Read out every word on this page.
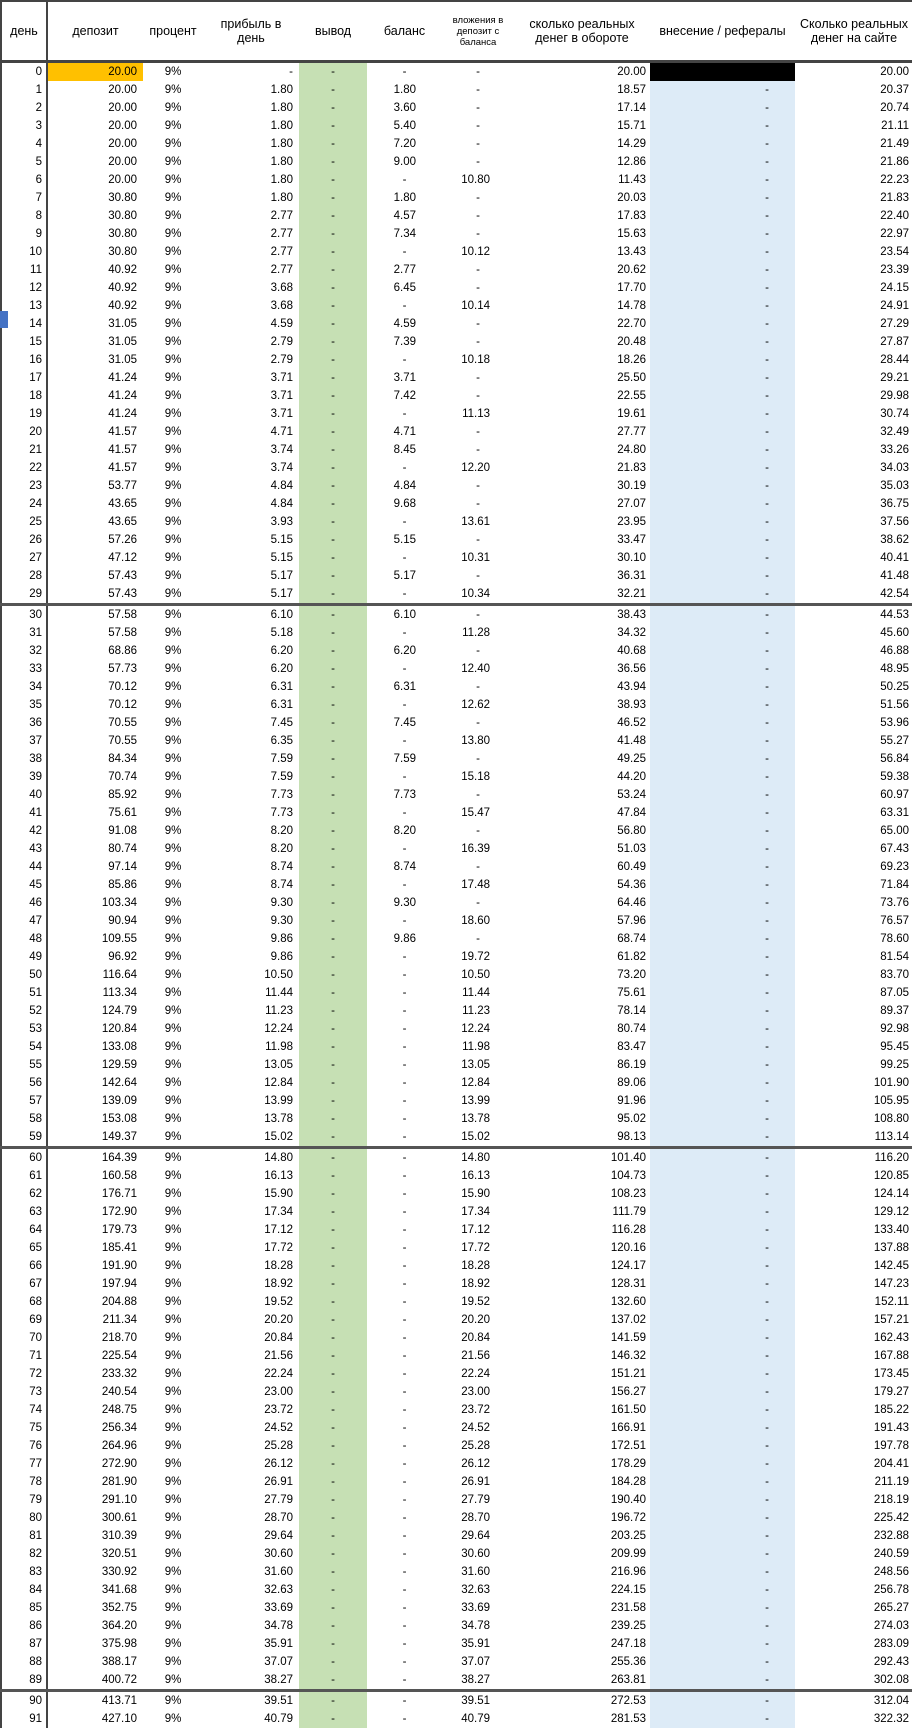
день	депозит	процент	прибыль в день	вывод	баланс	вложения в депозит с баланса	сколько реальных денег в обороте	внесение / рефералы	Сколько реальных денег на сайте
0	20.00	9%	-	-	-	-	20.00		20.00
1	20.00	9%	1.80	-	1.80	-	18.57	-	20.37
2	20.00	9%	1.80	-	3.60	-	17.14	-	20.74
3	20.00	9%	1.80	-	5.40	-	15.71	-	21.11
4	20.00	9%	1.80	-	7.20	-	14.29	-	21.49
5	20.00	9%	1.80	-	9.00	-	12.86	-	21.86
6	20.00	9%	1.80	-	-	10.80	11.43	-	22.23
7	30.80	9%	1.80	-	1.80	-	20.03	-	21.83
8	30.80	9%	2.77	-	4.57	-	17.83	-	22.40
9	30.80	9%	2.77	-	7.34	-	15.63	-	22.97
10	30.80	9%	2.77	-	-	10.12	13.43	-	23.54
11	40.92	9%	2.77	-	2.77	-	20.62	-	23.39
12	40.92	9%	3.68	-	6.45	-	17.70	-	24.15
13	40.92	9%	3.68	-	-	10.14	14.78	-	24.91
14	31.05	9%	4.59	-	4.59	-	22.70	-	27.29
15	31.05	9%	2.79	-	7.39	-	20.48	-	27.87
16	31.05	9%	2.79	-	-	10.18	18.26	-	28.44
17	41.24	9%	3.71	-	3.71	-	25.50	-	29.21
18	41.24	9%	3.71	-	7.42	-	22.55	-	29.98
19	41.24	9%	3.71	-	-	11.13	19.61	-	30.74
20	41.57	9%	4.71	-	4.71	-	27.77	-	32.49
21	41.57	9%	3.74	-	8.45	-	24.80	-	33.26
22	41.57	9%	3.74	-	-	12.20	21.83	-	34.03
23	53.77	9%	4.84	-	4.84	-	30.19	-	35.03
24	43.65	9%	4.84	-	9.68	-	27.07	-	36.75
25	43.65	9%	3.93	-	-	13.61	23.95	-	37.56
26	57.26	9%	5.15	-	5.15	-	33.47	-	38.62
27	47.12	9%	5.15	-	-	10.31	30.10	-	40.41
28	57.43	9%	5.17	-	5.17	-	36.31	-	41.48
29	57.43	9%	5.17	-	-	10.34	32.21	-	42.54
30	57.58	9%	6.10	-	6.10	-	38.43	-	44.53
31	57.58	9%	5.18	-	-	11.28	34.32	-	45.60
32	68.86	9%	6.20	-	6.20	-	40.68	-	46.88
33	57.73	9%	6.20	-	-	12.40	36.56	-	48.95
34	70.12	9%	6.31	-	6.31	-	43.94	-	50.25
35	70.12	9%	6.31	-	-	12.62	38.93	-	51.56
36	70.55	9%	7.45	-	7.45	-	46.52	-	53.96
37	70.55	9%	6.35	-	-	13.80	41.48	-	55.27
38	84.34	9%	7.59	-	7.59	-	49.25	-	56.84
39	70.74	9%	7.59	-	-	15.18	44.20	-	59.38
40	85.92	9%	7.73	-	7.73	-	53.24	-	60.97
41	75.61	9%	7.73	-	-	15.47	47.84	-	63.31
42	91.08	9%	8.20	-	8.20	-	56.80	-	65.00
43	80.74	9%	8.20	-	-	16.39	51.03	-	67.43
44	97.14	9%	8.74	-	8.74	-	60.49	-	69.23
45	85.86	9%	8.74	-	-	17.48	54.36	-	71.84
46	103.34	9%	9.30	-	9.30	-	64.46	-	73.76
47	90.94	9%	9.30	-	-	18.60	57.96	-	76.57
48	109.55	9%	9.86	-	9.86	-	68.74	-	78.60
49	96.92	9%	9.86	-	-	19.72	61.82	-	81.54
50	116.64	9%	10.50	-	-	10.50	73.20	-	83.70
51	113.34	9%	11.44	-	-	11.44	75.61	-	87.05
52	124.79	9%	11.23	-	-	11.23	78.14	-	89.37
53	120.84	9%	12.24	-	-	12.24	80.74	-	92.98
54	133.08	9%	11.98	-	-	11.98	83.47	-	95.45
55	129.59	9%	13.05	-	-	13.05	86.19	-	99.25
56	142.64	9%	12.84	-	-	12.84	89.06	-	101.90
57	139.09	9%	13.99	-	-	13.99	91.96	-	105.95
58	153.08	9%	13.78	-	-	13.78	95.02	-	108.80
59	149.37	9%	15.02	-	-	15.02	98.13	-	113.14
60	164.39	9%	14.80	-	-	14.80	101.40	-	116.20
61	160.58	9%	16.13	-	-	16.13	104.73	-	120.85
62	176.71	9%	15.90	-	-	15.90	108.23	-	124.14
63	172.90	9%	17.34	-	-	17.34	111.79	-	129.12
64	179.73	9%	17.12	-	-	17.12	116.28	-	133.40
65	185.41	9%	17.72	-	-	17.72	120.16	-	137.88
66	191.90	9%	18.28	-	-	18.28	124.17	-	142.45
67	197.94	9%	18.92	-	-	18.92	128.31	-	147.23
68	204.88	9%	19.52	-	-	19.52	132.60	-	152.11
69	211.34	9%	20.20	-	-	20.20	137.02	-	157.21
70	218.70	9%	20.84	-	-	20.84	141.59	-	162.43
71	225.54	9%	21.56	-	-	21.56	146.32	-	167.88
72	233.32	9%	22.24	-	-	22.24	151.21	-	173.45
73	240.54	9%	23.00	-	-	23.00	156.27	-	179.27
74	248.75	9%	23.72	-	-	23.72	161.50	-	185.22
75	256.34	9%	24.52	-	-	24.52	166.91	-	191.43
76	264.96	9%	25.28	-	-	25.28	172.51	-	197.78
77	272.90	9%	26.12	-	-	26.12	178.29	-	204.41
78	281.90	9%	26.91	-	-	26.91	184.28	-	211.19
79	291.10	9%	27.79	-	-	27.79	190.40	-	218.19
80	300.61	9%	28.70	-	-	28.70	196.72	-	225.42
81	310.39	9%	29.64	-	-	29.64	203.25	-	232.88
82	320.51	9%	30.60	-	-	30.60	209.99	-	240.59
83	330.92	9%	31.60	-	-	31.60	216.96	-	248.56
84	341.68	9%	32.63	-	-	32.63	224.15	-	256.78
85	352.75	9%	33.69	-	-	33.69	231.58	-	265.27
86	364.20	9%	34.78	-	-	34.78	239.25	-	274.03
87	375.98	9%	35.91	-	-	35.91	247.18	-	283.09
88	388.17	9%	37.07	-	-	37.07	255.36	-	292.43
89	400.72	9%	38.27	-	-	38.27	263.81	-	302.08
90	413.71	9%	39.51	-	-	39.51	272.53	-	312.04
91	427.10	9%	40.79	-	-	40.79	281.53	-	322.32
